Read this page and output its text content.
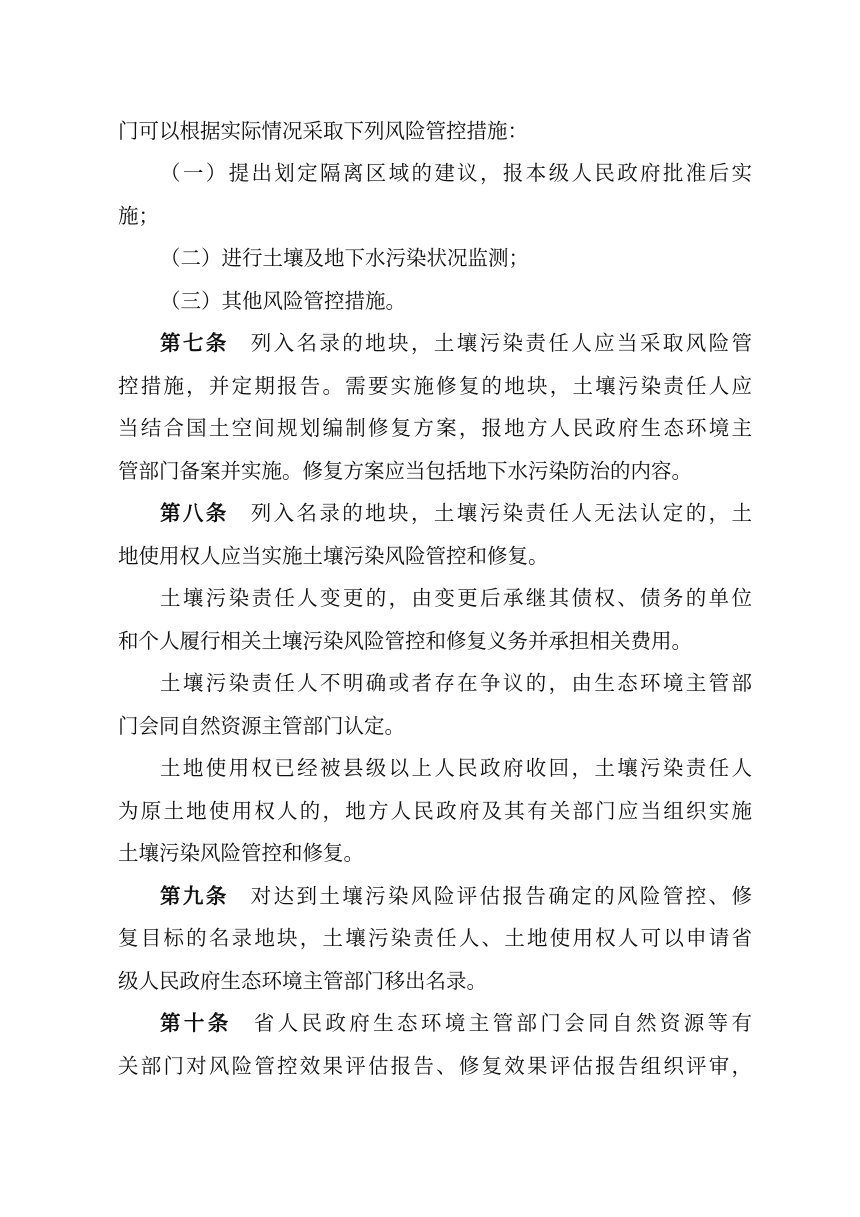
门可以根据实际情况采取下列风险管控措施：
（一）提出划定隔离区域的建议，报本级人民政府批准后实
施；
（二）进行土壤及地下水污染状况监测；
（三）其他风险管控措施。
第七条 列入名录的地块，土壤污染责任人应当采取风险管
控措施，并定期报告。需要实施修复的地块，土壤污染责任人应
当结合国土空间规划编制修复方案，报地方人民政府生态环境主
管部门备案并实施。修复方案应当包括地下水污染防治的内容。
第八条 列入名录的地块，土壤污染责任人无法认定的，土
地使用权人应当实施土壤污染风险管控和修复。
土壤污染责任人变更的，由变更后承继其债权、债务的单位
和个人履行相关土壤污染风险管控和修复义务并承担相关费用。
土壤污染责任人不明确或者存在争议的，由生态环境主管部
门会同自然资源主管部门认定。
土地使用权已经被县级以上人民政府收回，土壤污染责任人
为原土地使用权人的，地方人民政府及其有关部门应当组织实施
土壤污染风险管控和修复。
第九条 对达到土壤污染风险评估报告确定的风险管控、修
复目标的名录地块，土壤污染责任人、土地使用权人可以申请省
级人民政府生态环境主管部门移出名录。
第十条 省人民政府生态环境主管部门会同自然资源等有
关部门对风险管控效果评估报告、修复效果评估报告组织评审，
